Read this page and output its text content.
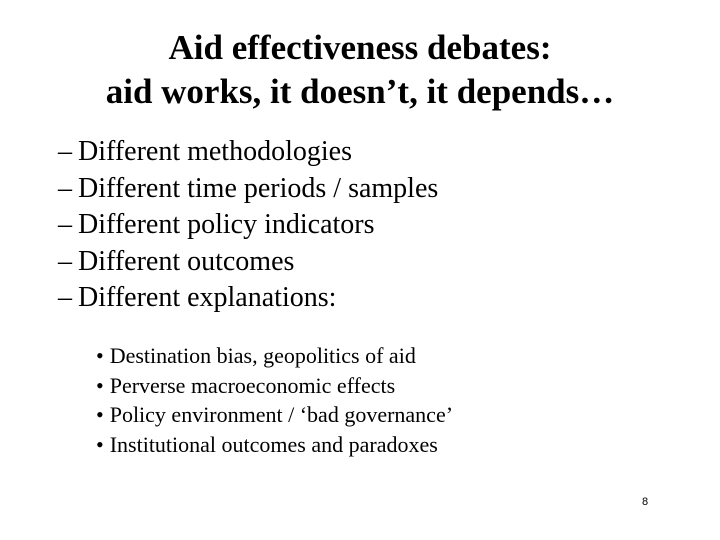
Aid effectiveness debates:
aid works, it doesn’t, it depends…
– Different methodologies
– Different time periods / samples
– Different policy indicators
– Different outcomes
– Different explanations:
• Destination bias, geopolitics of aid
• Perverse macroeconomic effects
• Policy environment / ‘bad governance’
• Institutional outcomes and paradoxes
8
